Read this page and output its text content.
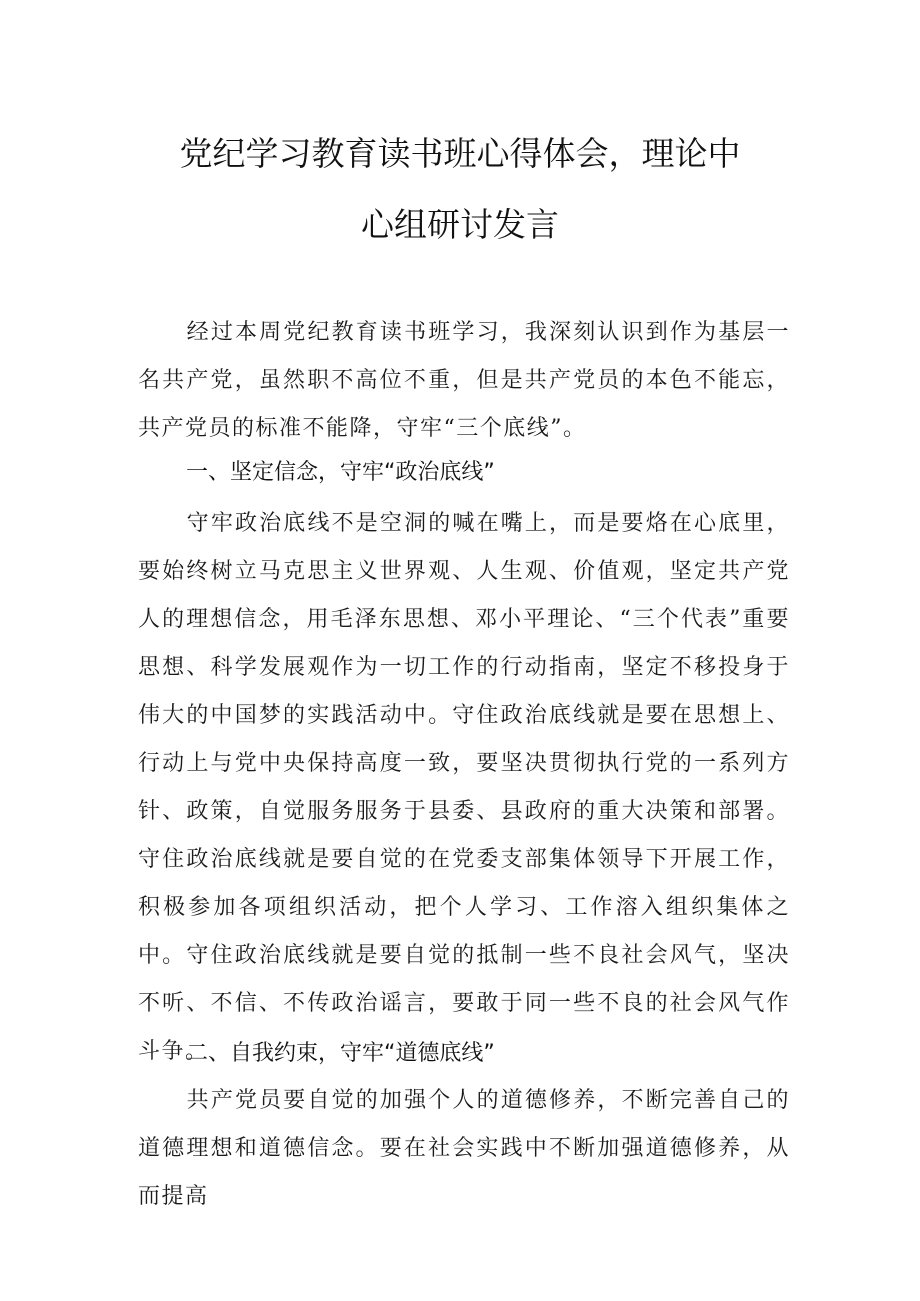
党纪学习教育读书班心得体会，理论中
心组研讨发言
经过本周党纪教育读书班学习，我深刻认识到作为基层一名共产党，虽然职不高位不重，但是共产党员的本色不能忘，共产党员的标准不能降，守牢“三个底线”。
一、坚定信念，守牢“政治底线”
守牢政治底线不是空洞的喊在嘴上，而是要烙在心底里，要始终树立马克思主义世界观、人生观、价值观，坚定共产党人的理想信念，用毛泽东思想、邓小平理论、“三个代表”重要思想、科学发展观作为一切工作的行动指南，坚定不移投身于伟大的中国梦的实践活动中。守住政治底线就是要在思想上、行动上与党中央保持高度一致，要坚决贯彻执行党的一系列方针、政策，自觉服务服务于县委、县政府的重大决策和部署。守住政治底线就是要自觉的在党委支部集体领导下开展工作，积极参加各项组织活动，把个人学习、工作溶入组织集体之中。守住政治底线就是要自觉的抵制一些不良社会风气，坚决不听、不信、不传政治谣言，要敢于同一些不良的社会风气作斗争。
二、自我约束，守牢“道德底线”
共产党员要自觉的加强个人的道德修养，不断完善自己的道德理想和道德信念。要在社会实践中不断加强道德修养，从而提高
